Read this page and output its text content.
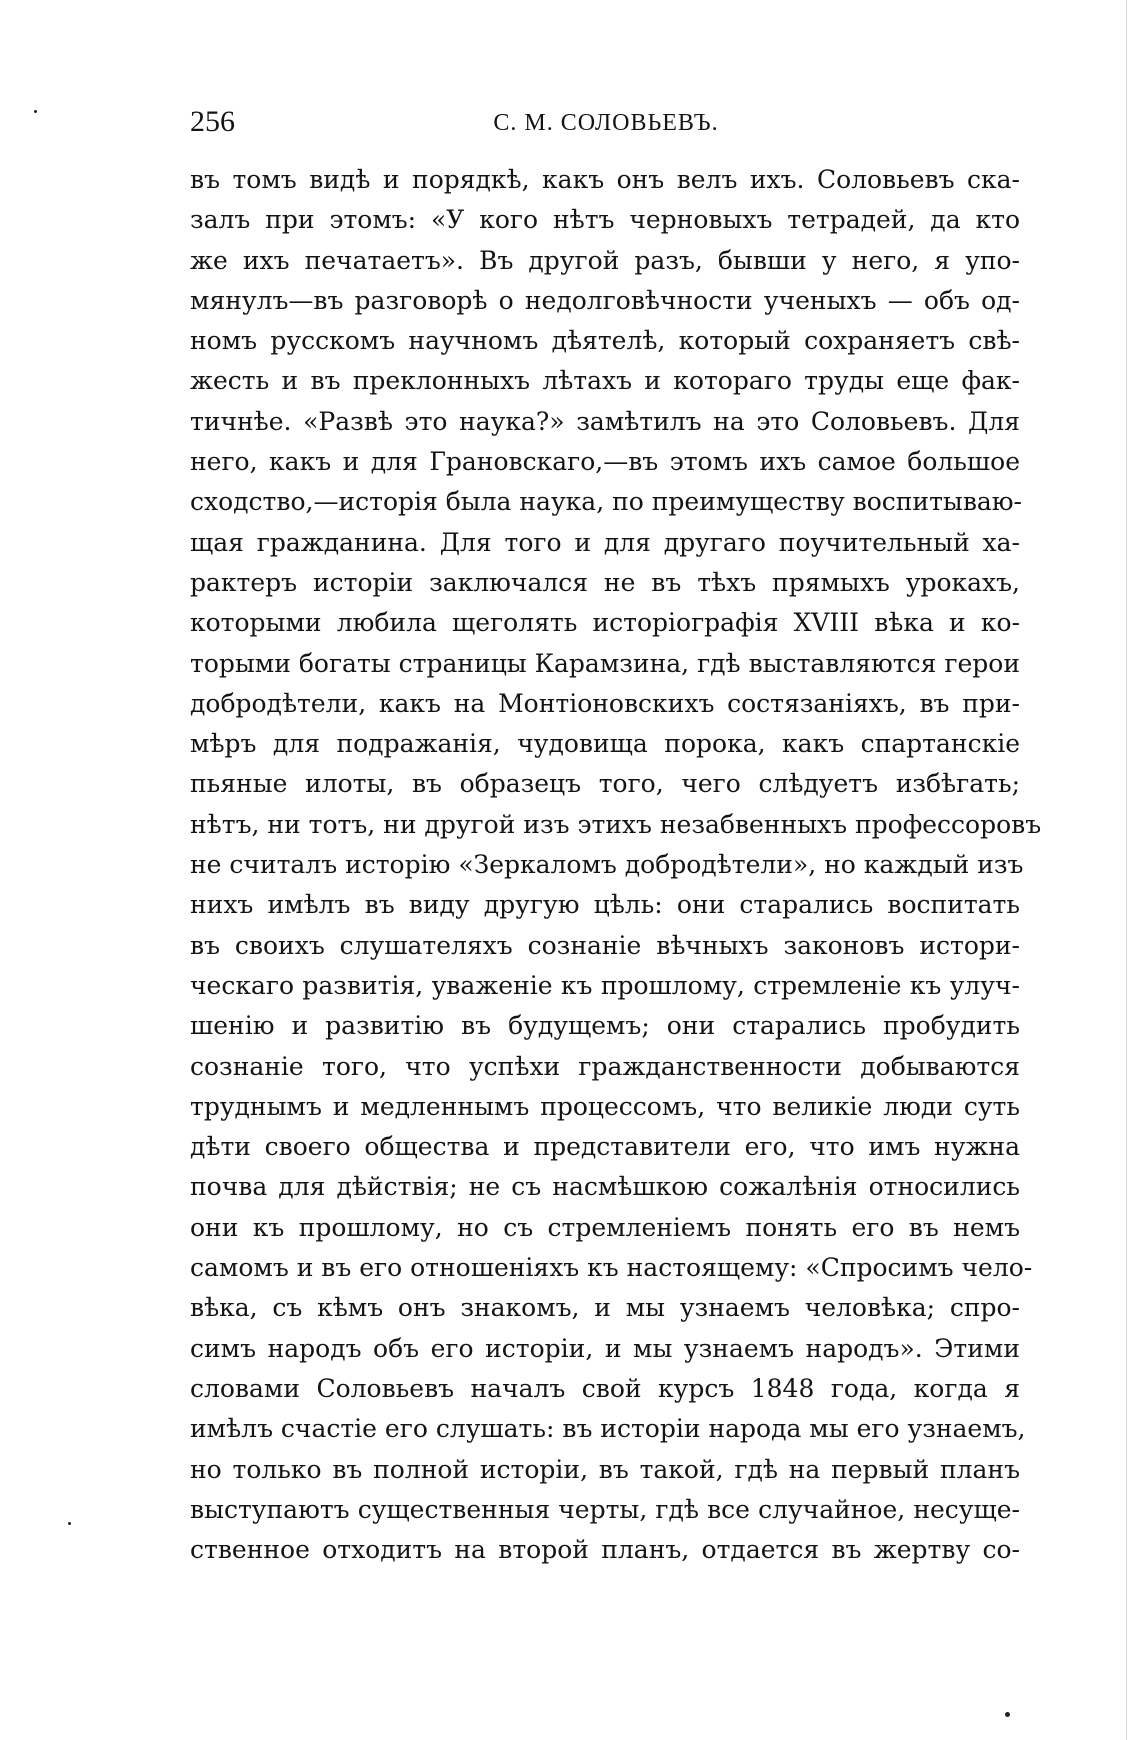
256	С. М. СОЛОВЬЕВЪ.
въ томъ видѣ и порядкѣ, какъ онъ велъ ихъ. Соловьевъ ска-
залъ при этомъ: «У кого нѣтъ черновыхъ тетрадей, да кто
же ихъ печатаетъ». Въ другой разъ, бывши у него, я упо-
мянулъ—въ разговорѣ о недолговѣчности ученыхъ — объ од-
номъ русскомъ научномъ дѣятелѣ, который сохраняетъ свѣ-
жесть и въ преклонныхъ лѣтахъ и котораго труды еще фак-
тичнѣе. «Развѣ это наука?» замѣтилъ на это Соловьевъ. Для
него, какъ и для Грановскаго,—въ этомъ ихъ самое большое
сходство,—исторія была наука, по преимуществу воспитываю-
щая гражданина. Для того и для другаго поучительный ха-
рактеръ исторіи заключался не въ тѣхъ прямыхъ урокахъ,
которыми любила щеголять исторіографія XVIII вѣка и ко-
торыми богаты страницы Карамзина, гдѣ выставляются герои
добродѣтели, какъ на Монтіоновскихъ состязаніяхъ, въ при-
мѣръ для подражанія, чудовища порока, какъ спартанскіе
пьяные илоты, въ образецъ того, чего слѣдуетъ избѣгать;
нѣтъ, ни тотъ, ни другой изъ этихъ незабвенныхъ профессоровъ
не считалъ исторію «Зеркаломъ добродѣтели», но каждый изъ
нихъ имѣлъ въ виду другую цѣль: они старались воспитать
въ своихъ слушателяхъ сознаніе вѣчныхъ законовъ истори-
ческаго развитія, уваженіе къ прошлому, стремленіе къ улуч-
шенію и развитію въ будущемъ; они старались пробудить
сознаніе того, что успѣхи гражданственности добываются
труднымъ и медленнымъ процессомъ, что великіе люди суть
дѣти своего общества и представители его, что имъ нужна
почва для дѣйствія; не съ насмѣшкою сожалѣнія относились
они къ прошлому, но съ стремленіемъ понять его въ немъ
самомъ и въ его отношеніяхъ къ настоящему: «Спросимъ чело-
вѣка, съ кѣмъ онъ знакомъ, и мы узнаемъ человѣка; спро-
симъ народъ объ его исторіи, и мы узнаемъ народъ». Этими
словами Соловьевъ началъ свой курсъ 1848 года, когда я
имѣлъ счастіе его слушать: въ исторіи народа мы его узнаемъ,
но только въ полной исторіи, въ такой, гдѣ на первый планъ
выступаютъ существенныя черты, гдѣ все случайное, несуще-
ственное отходитъ на второй планъ, отдается въ жертву со-
